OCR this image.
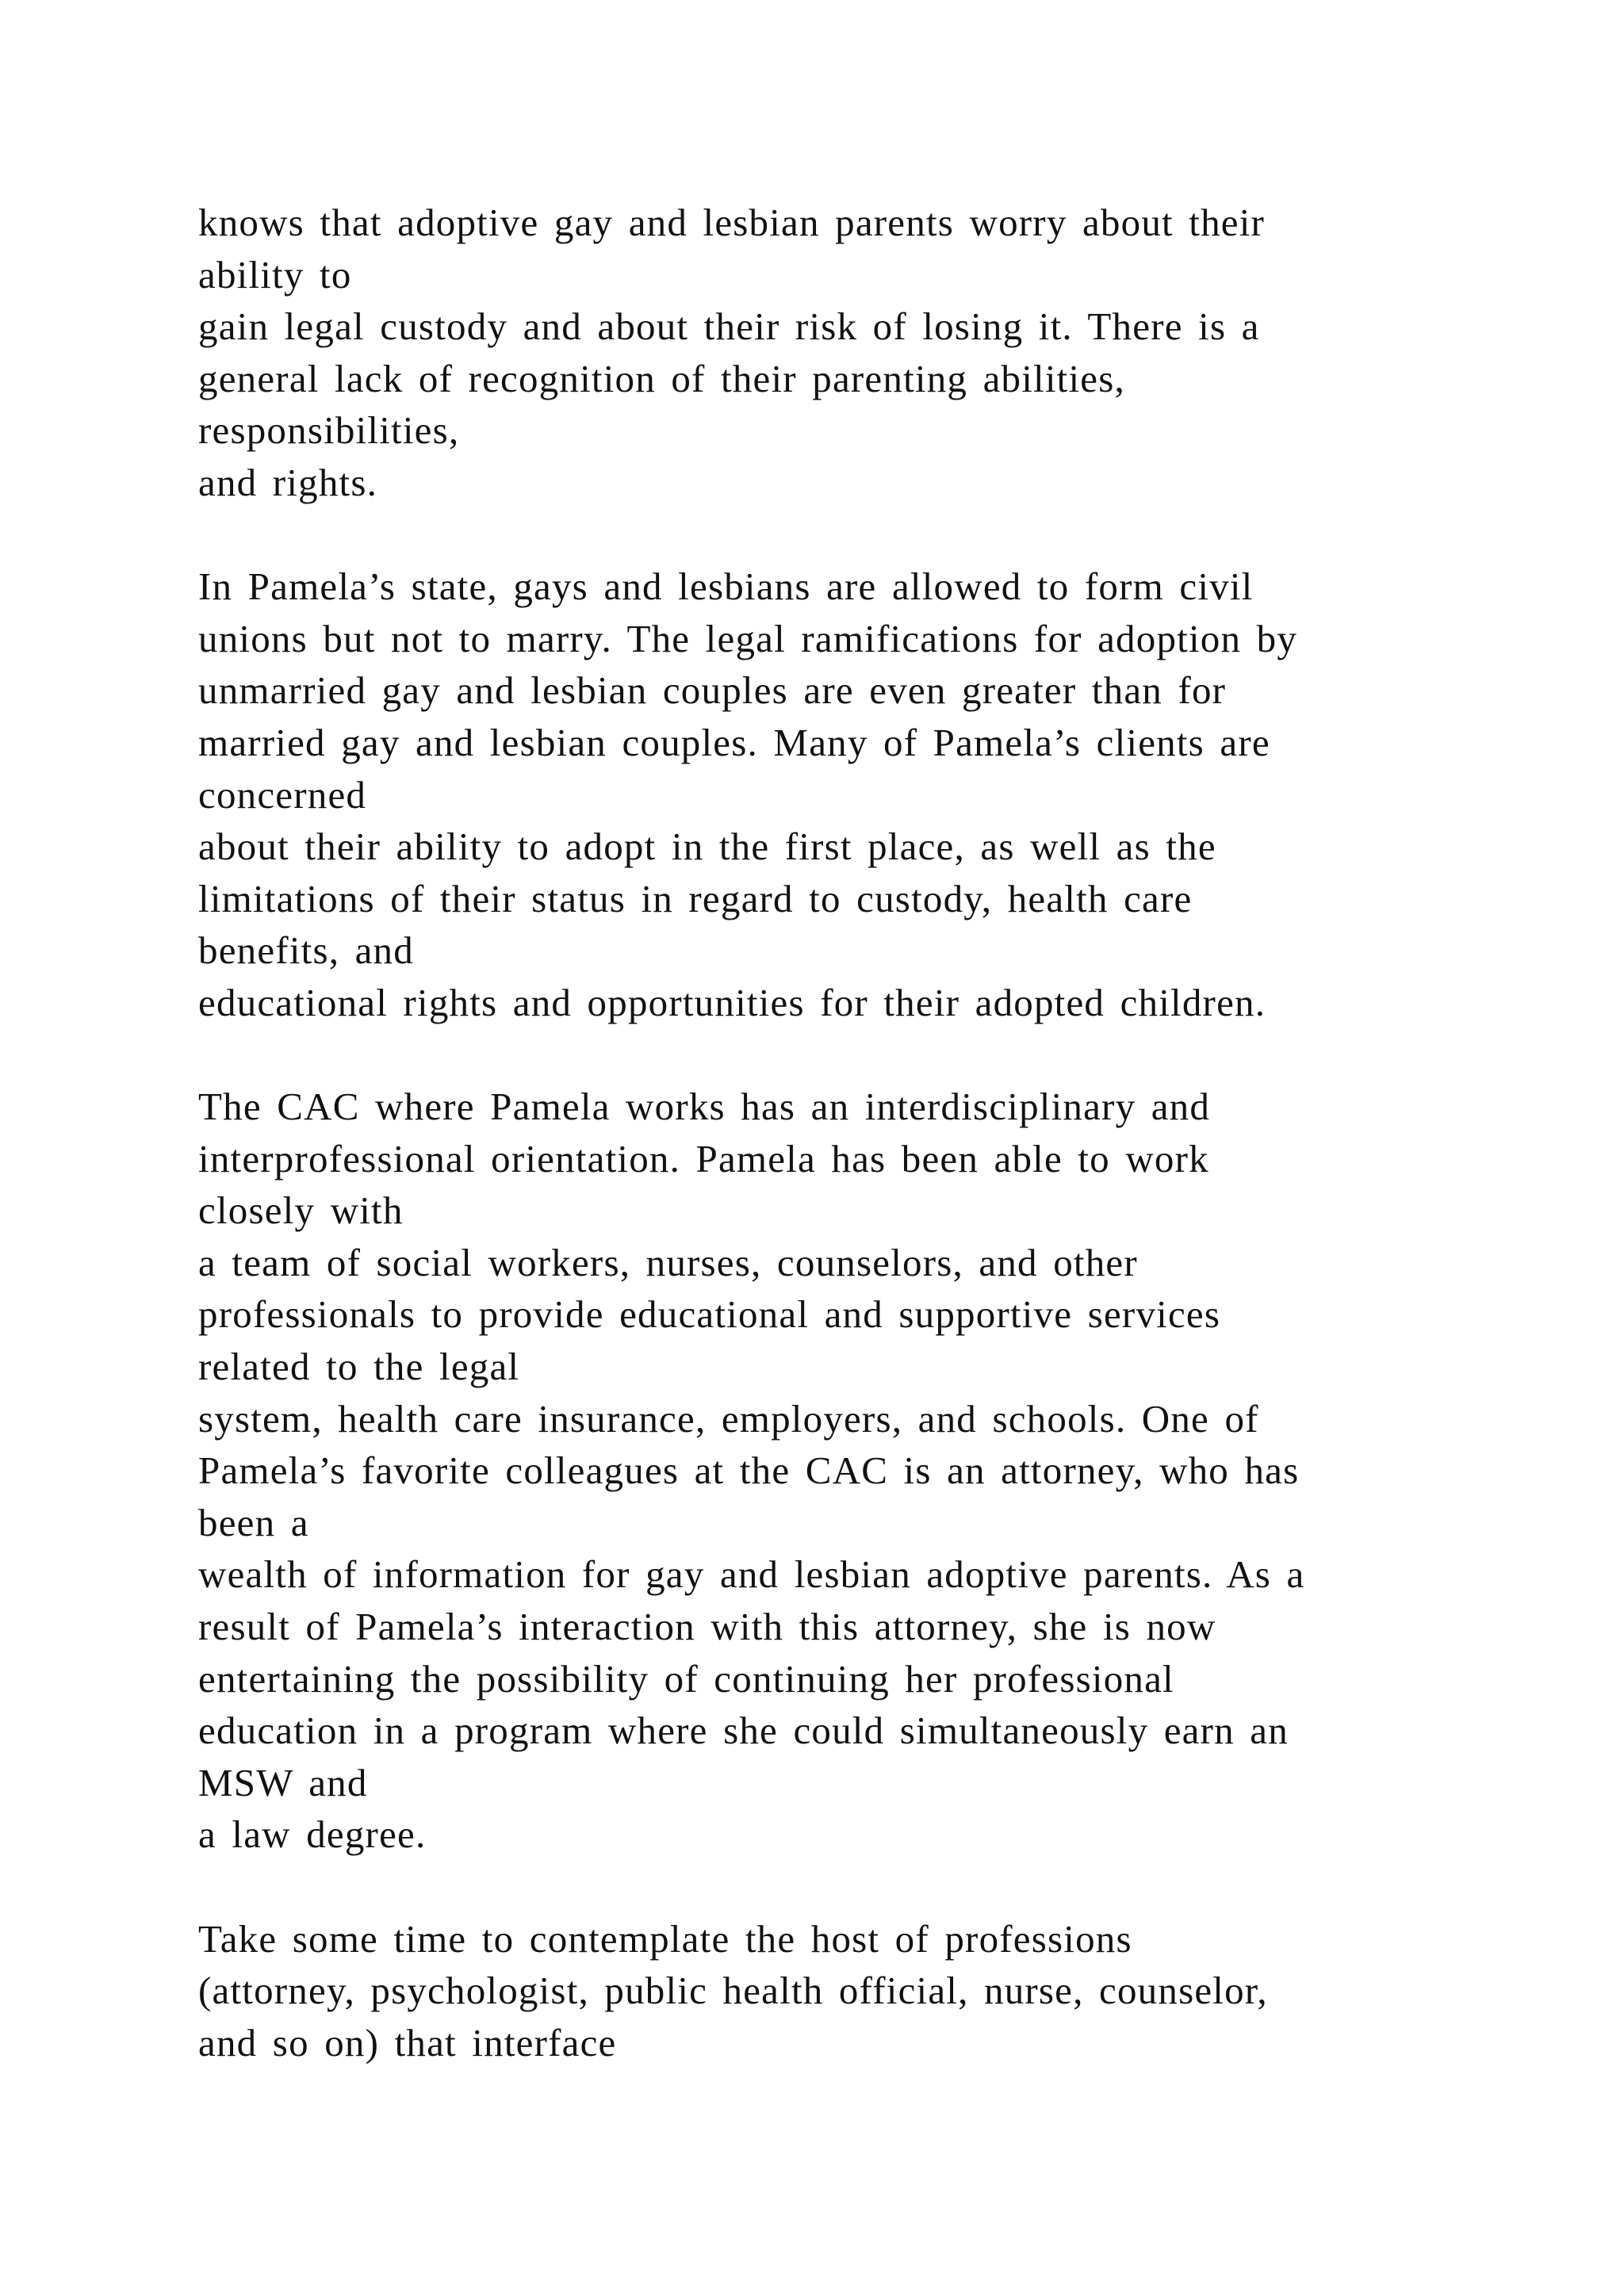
knows that adoptive gay and lesbian parents worry about their
ability to
gain legal custody and about their risk of losing it. There is a
general lack of recognition of their parenting abilities,
responsibilities,
and rights.
In Pamela’s state, gays and lesbians are allowed to form civil
unions but not to marry. The legal ramifications for adoption by
unmarried gay and lesbian couples are even greater than for
married gay and lesbian couples. Many of Pamela’s clients are
concerned
about their ability to adopt in the first place, as well as the
limitations of their status in regard to custody, health care
benefits, and
educational rights and opportunities for their adopted children.
The CAC where Pamela works has an interdisciplinary and
interprofessional orientation. Pamela has been able to work
closely with
a team of social workers, nurses, counselors, and other
professionals to provide educational and supportive services
related to the legal
system, health care insurance, employers, and schools. One of
Pamela’s favorite colleagues at the CAC is an attorney, who has
been a
wealth of information for gay and lesbian adoptive parents. As a
result of Pamela’s interaction with this attorney, she is now
entertaining the possibility of continuing her professional
education in a program where she could simultaneously earn an
MSW and
a law degree.
Take some time to contemplate the host of professions
(attorney, psychologist, public health official, nurse, counselor,
and so on) that interface
